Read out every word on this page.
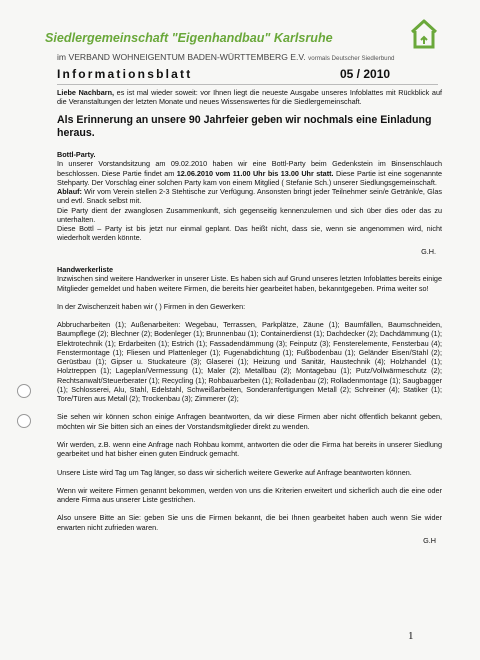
Siedlergemeinschaft "Eigenhandbau" Karlsruhe
im VERBAND WOHNEIGENTUM BADEN-WÜRTTEMBERG E.V. vormals Deutscher Siedlerbund
Informationsblatt	05 / 2010

Liebe Nachbarn, es ist mal wieder soweit: vor Ihnen liegt die neueste Ausgabe unseres Infoblattes mit Rückblick auf die Veranstaltungen der letzten Monate und neues Wissenswertes für die Siedlergemeinschaft.

Als Erinnerung an unsere 90 Jahrfeier geben wir nochmals eine Einladung heraus.

Bottl-Party.

In unserer Vorstandsitzung am 09.02.2010 haben wir eine Bottl-Party beim Gedenkstein im Binsenschlauch beschlossen. Diese Partie findet am 12.06.2010 vom 11.00 Uhr bis 13.00 Uhr statt. Diese Partie ist eine sogenannte Stehparty. Der Vorschlag einer solchen Party kam von einem Mitglied ( Stefanie Sch.) unserer Siedlungsgemeinschaft.

Ablauf: Wir vom Verein stellen 2-3 Stehtische zur Verfügung. Ansonsten bringt jeder Teilnehmer sein/e Getränk/e, Glas und evtl. Snack selbst mit.

Die Party dient der zwanglosen Zusammenkunft, sich gegenseitig kennenzulernen und sich über dies oder das zu unterhalten.

Diese Bottl – Party ist bis jetzt nur einmal geplant. Das heißt nicht, dass sie, wenn sie angenommen wird, nicht wiederholt werden könnte.

G.H.

Handwerkerliste

Inzwischen sind weitere Handwerker in unserer Liste. Es haben sich auf Grund unseres letzten Infoblattes bereits einige Mitglieder gemeldet und haben weitere Firmen, die bereits hier gearbeitet haben, bekanntgegeben. Prima weiter so!

In der Zwischenzeit haben wir ( ) Firmen in den Gewerken:

Abbrucharbeiten (1); Außenarbeiten: Wegebau, Terrassen, Parkplätze, Zäune (1); Baumfällen, Baumschneiden, Baumpflege (2); Blechner (2); Bodenleger (1); Brunnenbau (1); Containerdienst (1); Dachdecker (2); Dachdämmung (1); Elektrotechnik (1); Erdarbeiten (1); Estrich (1); Fassadendämmung (3); Feinputz (3); Fensterelemente, Fensterbau (4); Fenstermontage (1); Fliesen und Plattenleger (1); Fugenabdichtung (1); Fußbodenbau (1); Geländer Eisen/Stahl (2); Gerüstbau (1); Gipser u. Stuckateure (3); Glaserei (1); Heizung und Sanitär, Haustechnik (4); Holzhandel (1); Holztreppen (1); Lageplan/Vermessung (1); Maler (2); Metallbau (2); Montagebau (1); Putz/Vollwärmeschutz (2); Rechtsanwalt/Steuerberater (1); Recycling (1); Rohbauarbeiten (1); Rolladenbau (2); Rolladenmontage (1); Saugbagger (1); Schlosserei, Alu, Stahl, Edelstahl, Schweißarbeiten, Sonderanfertigungen Metall (2); Schreiner (4); Statiker (1); Tore/Türen aus Metall (2); Trockenbau (3); Zimmerer (2);

Sie sehen wir können schon einige Anfragen beantworten, da wir diese Firmen aber nicht öffentlich bekannt geben, möchten wir Sie bitten sich an eines der Vorstandsmitglieder direkt zu wenden.

Wir werden, z.B. wenn eine Anfrage nach Rohbau kommt, antworten die oder die Firma hat bereits in unserer Siedlung gearbeitet und hat bisher einen guten Eindruck gemacht.

Unsere Liste wird Tag um Tag länger, so dass wir sicherlich weitere Gewerke auf Anfrage beantworten können.

Wenn wir weitere Firmen genannt bekommen, werden von uns die Kriterien erweitert und sicherlich auch die eine oder andere Firma aus unserer Liste gestrichen.

Also unsere Bitte an Sie: geben Sie uns die Firmen bekannt, die bei Ihnen gearbeitet haben auch wenn Sie wider erwarten nicht zufrieden waren.

G.H

1
